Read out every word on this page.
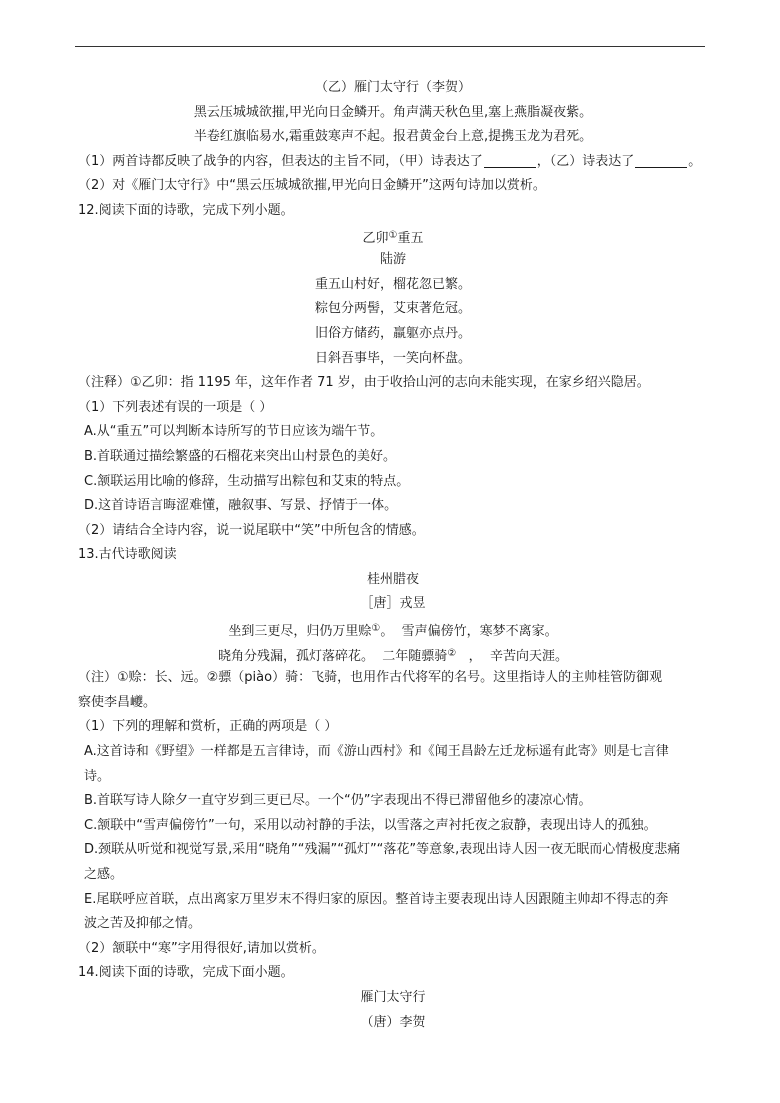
（乙）雁门太守行（李贺）
黑云压城城欲摧,甲光向日金鳞开。角声满天秋色里,塞上燕脂凝夜紫。
半卷红旗临易水,霜重鼓寒声不起。报君黄金台上意,提携玉龙为君死。
（1）两首诗都反映了战争的内容，但表达的主旨不同，（甲）诗表达了	，（乙）诗表达了	。
（2）对《雁门太守行》中“黑云压城城欲摧,甲光向日金鳞开”这两句诗加以赏析。
12.阅读下面的诗歌，完成下列小题。
乙卯①重五
陆游
重五山村好，榴花忽已繁。
粽包分两髻，艾束著危冠。
旧俗方储药，羸躯亦点丹。
日斜吾事毕，一笑向杯盘。
（注释）①乙卯：指 1195 年，这年作者 71 岁，由于收拾山河的志向未能实现，在家乡绍兴隐居。
（1）下列表述有误的一项是（ ）
A.从“重五”可以判断本诗所写的节日应该为端午节。
B.首联通过描绘繁盛的石榴花来突出山村景色的美好。
C.颔联运用比喻的修辞，生动描写出粽包和艾束的特点。
D.这首诗语言晦涩难懂，融叙事、写景、抒情于一体。
（2）请结合全诗内容，说一说尾联中“笑”中所包含的情感。
13.古代诗歌阅读
桂州腊夜
［唐］戎昱
坐到三更尽，归仍万里赊①。  雪声偏傍竹，寒梦不离家。
晓角分残漏，孤灯落碎花。  二年随骠骑②   ，  辛苦向天涯。
（注）①赊：长、远。②骠（piào）骑：飞骑，也用作古代将军的名号。这里指诗人的主帅桂管防御观
察使李昌巙。
（1）下列的理解和赏析，正确的两项是（ ）
A.这首诗和《野望》一样都是五言律诗，而《游山西村》和《闻王昌龄左迁龙标遥有此寄》则是七言律
诗。
B.首联写诗人除夕一直守岁到三更已尽。一个“仍”字表现出不得已滞留他乡的凄凉心情。
C.颔联中“雪声偏傍竹”一句，采用以动衬静的手法，以雪落之声衬托夜之寂静，表现出诗人的孤独。
D.颈联从听觉和视觉写景,采用“晓角”“残漏”“孤灯”“落花”等意象,表现出诗人因一夜无眠而心情极度悲痛
之感。
E.尾联呼应首联，点出离家万里岁末不得归家的原因。整首诗主要表现出诗人因跟随主帅却不得志的奔
波之苦及抑郁之情。
（2）颔联中“寒”字用得很好,请加以赏析。
14.阅读下面的诗歌，完成下面小题。
雁门太守行
（唐）李贺
